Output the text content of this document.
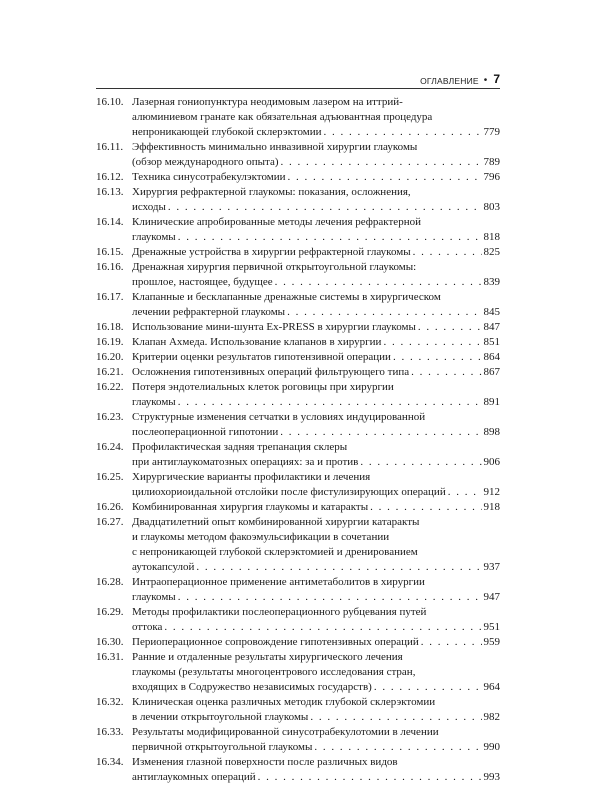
ОГЛАВЛЕНИЕ • 7
16.10. Лазерная гониопунктура неодимовым лазером на иттрий-
алюминиевом гранате как обязательная адъювантная процедура
непроникающей глубокой склерэктомии . . .	779
16.11. Эффективность минимально инвазивной хирургии глаукомы
(обзор международного опыта) . . .	789
16.12. Техника синусотрабекулэктомии . . .	796
16.13. Хирургия рефрактерной глаукомы: показания, осложнения,
исходы . . .	803
16.14. Клинические апробированные методы лечения рефрактерной
глаукомы . . .	818
16.15. Дренажные устройства в хирургии рефрактерной глаукомы . . .	825
16.16. Дренажная хирургия первичной открытоугольной глаукомы:
прошлое, настоящее, будущее . . .	839
16.17. Клапанные и бесклапанные дренажные системы в хирургическом
лечении рефрактерной глаукомы . . .	845
16.18. Использование мини-шунта Ex-PRESS в хирургии глаукомы . . .	847
16.19. Клапан Ахмеда. Использование клапанов в хирургии . . .	851
16.20. Критерии оценки результатов гипотензивной операции . . .	864
16.21. Осложнения гипотензивных операций фильтрующего типа . . .	867
16.22. Потеря эндотелиальных клеток роговицы при хирургии
глаукомы . . .	891
16.23. Структурные изменения сетчатки в условиях индуцированной
послеоперационной гипотонии . . .	898
16.24. Профилактическая задняя трепанация склеры
при антиглаукоматозных операциях: за и против . . .	906
16.25. Хирургические варианты профилактики и лечения
цилиохориоидальной отслойки после фистулизирующих операций . . .	912
16.26. Комбинированная хирургия глаукомы и катаракты . . .	918
16.27. Двадцатилетний опыт комбинированной хирургии катаракты
и глаукомы методом факоэмульсификации в сочетании
с непроникающей глубокой склерэктомией и дренированием
аутокапсулой . . .	937
16.28. Интраоперационное применение антиметаболитов в хирургии
глаукомы . . .	947
16.29. Методы профилактики послеоперационного рубцевания путей
оттока . . .	951
16.30. Периоперационное сопровождение гипотензивных операций . . .	959
16.31. Ранние и отдаленные результаты хирургического лечения
глаукомы (результаты многоцентрового исследования стран,
входящих в Содружество независимых государств) . . .	964
16.32. Клиническая оценка различных методик глубокой склерэктомии
в лечении открытоугольной глаукомы . . .	982
16.33. Результаты модифицированной синусотрабекулотомии в лечении
первичной открытоугольной глаукомы . . .	990
16.34. Изменения глазной поверхности после различных видов
антиглаукомных операций . . .	993
